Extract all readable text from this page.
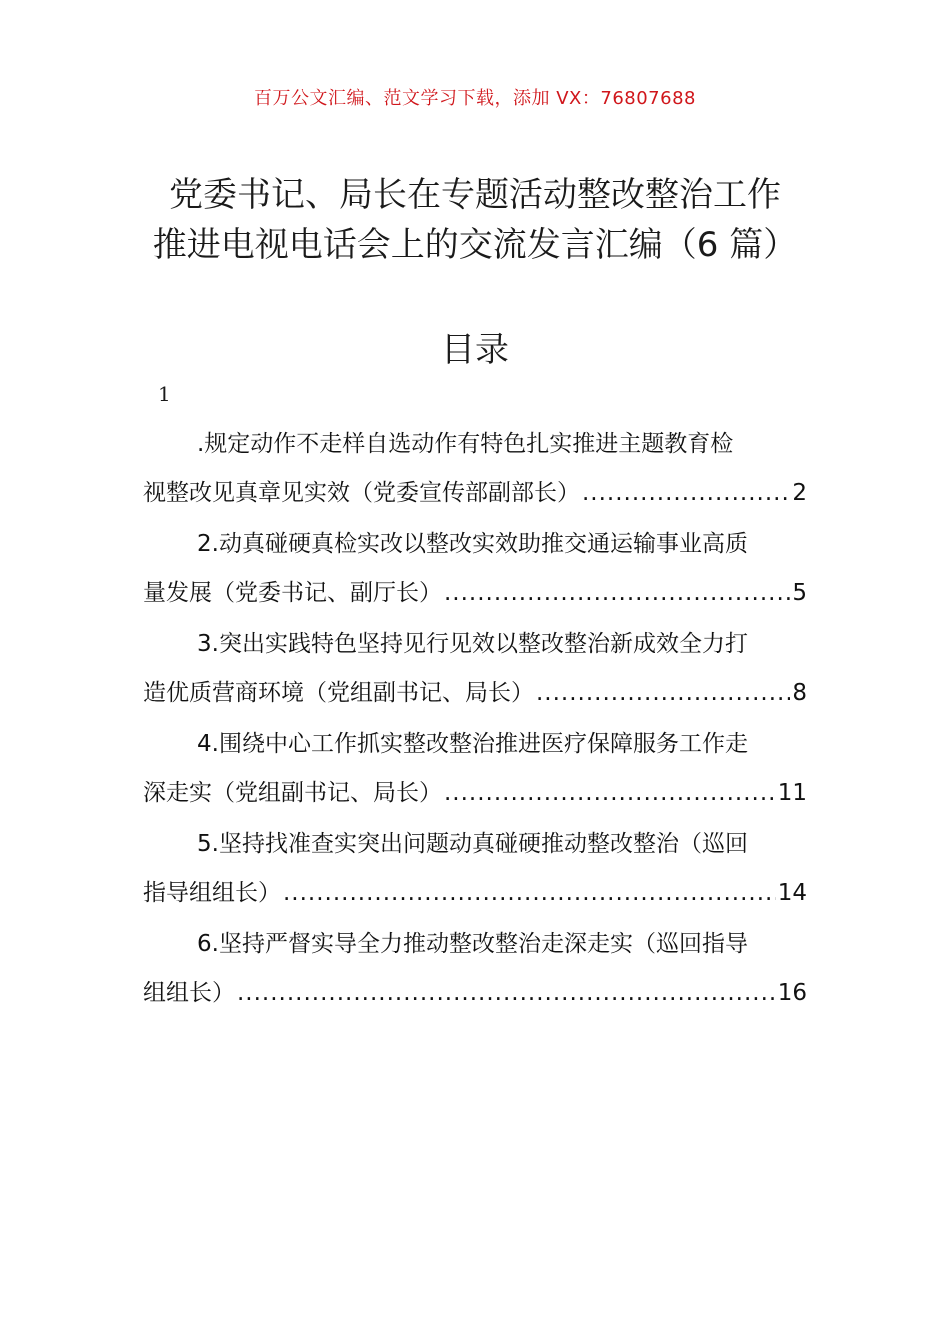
百万公文汇编、范文学习下载，添加 VX：76807688
党委书记、局长在专题活动整改整治工作
推进电视电话会上的交流发言汇编（6 篇）
目录
1
.规定动作不走样自选动作有特色扎实推进主题教育检
视整改见真章见实效（党委宣传部副部长） .....	2
2.动真碰硬真检实改以整改实效助推交通运输事业高质
量发展（党委书记、副厅长） .....	5
3.突出实践特色坚持见行见效以整改整治新成效全力打
造优质营商环境（党组副书记、局长） .....	8
4.围绕中心工作抓实整改整治推进医疗保障服务工作走
深走实（党组副书记、局长） .....	11
5.坚持找准查实突出问题动真碰硬推动整改整治（巡回
指导组组长） .....	14
6.坚持严督实导全力推动整改整治走深走实（巡回指导
组组长） .....	16
